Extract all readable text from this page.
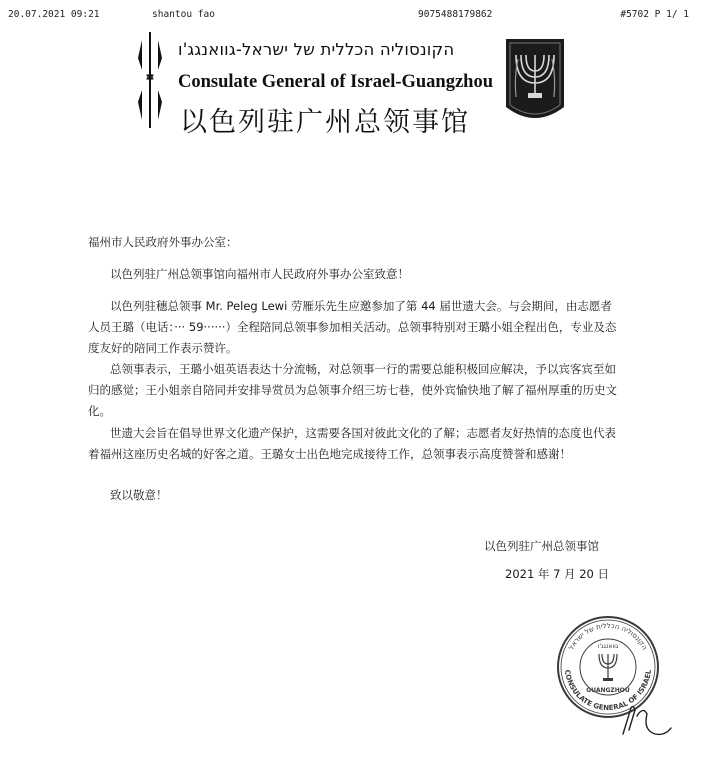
20.07.2021 09:21	shantou fao	9075488179862	#5702 P 1/ 1
הקונסוליה הכללית של ישראל-גוואנגג'ו
Consulate General of Israel-Guangzhou
以色列驻广州总领事馆
福州市人民政府外事办公室：
以色列驻广州总领事馆向福州市人民政府外事办公室致意！
以色列驻穗总领事 Mr. Peleg Lewi 劳雁乐先生应邀参加了第 44 届世遗大会。与会期间，由志愿者人员王璐（电话：··· 59······）全程陪同总领事参加相关活动。总领事特别对王璐小姐全程出色，专业及态度友好的陪同工作表示赞许。
总领事表示，王璐小姐英语表达十分流畅，对总领事一行的需要总能积极回应解决，予以宾客宾至如归的感觉；王小姐亲自陪同并安排导赏员为总领事介绍三坊七巷，使外宾愉快地了解了福州厚重的历史文化。
世遗大会旨在倡导世界文化遗产保护，这需要各国对彼此文化的了解；志愿者友好热情的态度也代表着福州这座历史名城的好客之道。王璐女士出色地完成接待工作，总领事表示高度赞誉和感谢！
致以敬意！
以色列驻广州总领事馆
2021 年 7 月 20 日
הקונסוליה הכללית של ישראל
CONSULATE GENERAL OF ISRAEL
גוואנגג'ו
GUANGZHOU
